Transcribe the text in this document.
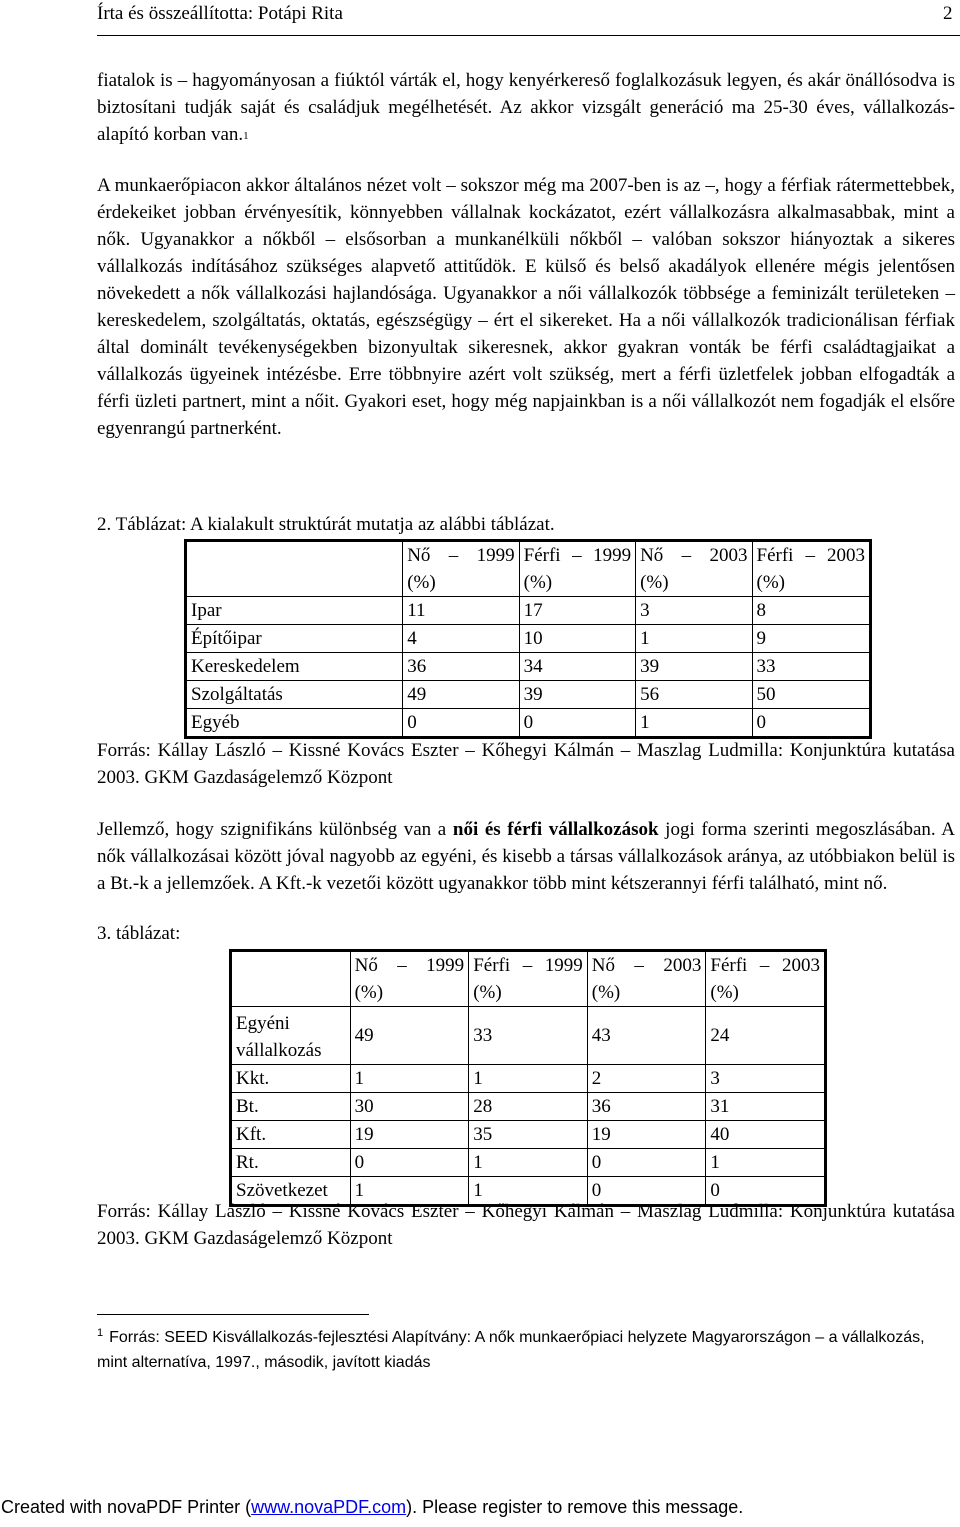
Írta és összeállította: Potápi Rita	2

fiatalok is – hagyományosan a fiúktól várták el, hogy kenyérkereső foglalkozásuk legyen, és akár önállósodva is biztosítani tudják saját és családjuk megélhetését. Az akkor vizsgált generáció ma 25-30 éves, vállalkozás-alapító korban van.1

A munkaerőpiacon akkor általános nézet volt – sokszor még ma 2007-ben is az –, hogy a férfiak rátermettebbek, érdekeiket jobban érvényesítik, könnyebben vállalnak kockázatot, ezért vállalkozásra alkalmasabbak, mint a nők. Ugyanakkor a nőkből – elsősorban a munkanélküli nőkből – valóban sokszor hiányoztak a sikeres vállalkozás indításához szükséges alapvető attitűdök. E külső és belső akadályok ellenére mégis jelentősen növekedett a nők vállalkozási hajlandósága. Ugyanakkor a női vállalkozók többsége a feminizált területeken – kereskedelem, szolgáltatás, oktatás, egészségügy – ért el sikereket. Ha a női vállalkozók tradicionálisan férfiak által dominált tevékenységekben bizonyultak sikeresnek, akkor gyakran vonták be férfi családtagjaikat a vállalkozás ügyeinek intézésbe. Erre többnyire azért volt szükség, mert a férfi üzletfelek jobban elfogadták a férfi üzleti partnert, mint a nőit. Gyakori eset, hogy még napjainkban is a női vállalkozót nem fogadják el elsőre egyenrangú partnerként.

2. Táblázat: A kialakult struktúrát mutatja az alábbi táblázat.

	Nő – 1999 (%)	Férfi – 1999 (%)	Nő – 2003 (%)	Férfi – 2003 (%)
Ipar	11	17	3	8
Építőipar	4	10	1	9
Kereskedelem	36	34	39	33
Szolgáltatás	49	39	56	50
Egyéb	0	0	1	0

Forrás: Kállay László – Kissné Kovács Eszter – Kőhegyi Kálmán – Maszlag Ludmilla: Konjunktúra kutatása 2003. GKM Gazdaságelemző Központ

Jellemző, hogy szignifikáns különbség van a női és férfi vállalkozások jogi forma szerinti megoszlásában. A nők vállalkozásai között jóval nagyobb az egyéni, és kisebb a társas vállalkozások aránya, az utóbbiakon belül is a Bt.-k a jellemzőek. A Kft.-k vezetői között ugyanakkor több mint kétszerannyi férfi található, mint nő.

3. táblázat:

	Nő – 1999 (%)	Férfi – 1999 (%)	Nő – 2003 (%)	Férfi – 2003 (%)
Egyéni vállalkozás	49	33	43	24
Kkt.	1	1	2	3
Bt.	30	28	36	31
Kft.	19	35	19	40
Rt.	0	1	0	1
Szövetkezet	1	1	0	0

Forrás: Kállay László – Kissné Kovács Eszter – Kőhegyi Kálmán – Maszlag Ludmilla: Konjunktúra kutatása 2003. GKM Gazdaságelemző Központ

$^1$ Forrás: SEED Kisvállalkozás-fejlesztési Alapítvány: A nők munkaerőpiaci helyzete Magyarországon – a vállalkozás, mint alternatíva, 1997., második, javított kiadás

Created with novaPDF Printer (www.novaPDF.com). Please register to remove this message.
